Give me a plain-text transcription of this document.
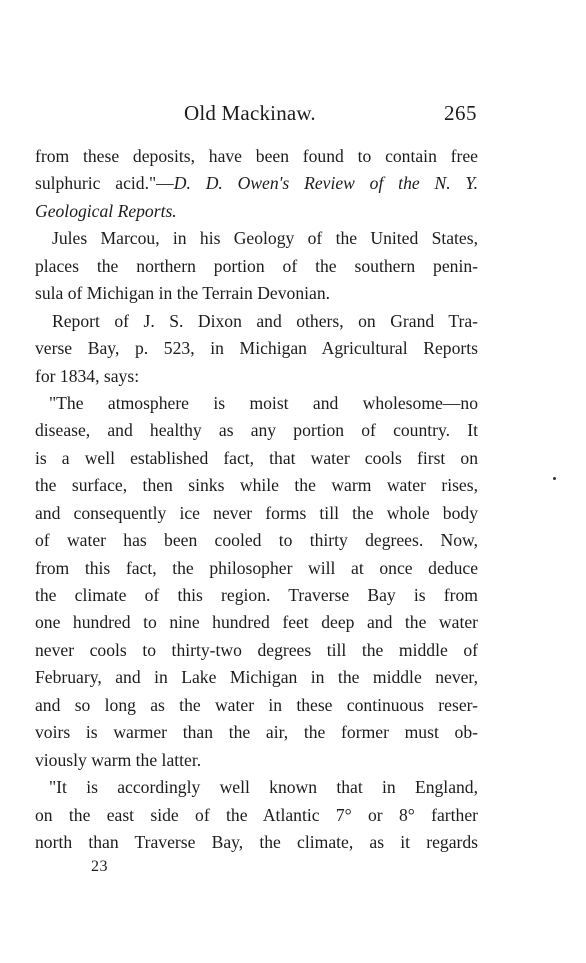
Old Mackinaw.	265
from these deposits, have been found to contain free
sulphuric acid."—D. D. Owen's Review of the N. Y.
Geological Reports.
Jules Marcou, in his Geology of the United States,
places the northern portion of the southern penin-
sula of Michigan in the Terrain Devonian.
Report of J. S. Dixon and others, on Grand Tra-
verse Bay, p. 523, in Michigan Agricultural Reports
for 1834, says:
"The atmosphere is moist and wholesome—no
disease, and healthy as any portion of country. It
is a well established fact, that water cools first on
the surface, then sinks while the warm water rises,
and consequently ice never forms till the whole body
of water has been cooled to thirty degrees. Now,
from this fact, the philosopher will at once deduce
the climate of this region. Traverse Bay is from
one hundred to nine hundred feet deep and the water
never cools to thirty-two degrees till the middle of
February, and in Lake Michigan in the middle never,
and so long as the water in these continuous reser-
voirs is warmer than the air, the former must ob-
viously warm the latter.
"It is accordingly well known that in England,
on the east side of the Atlantic 7° or 8° farther
north than Traverse Bay, the climate, as it regards
23
